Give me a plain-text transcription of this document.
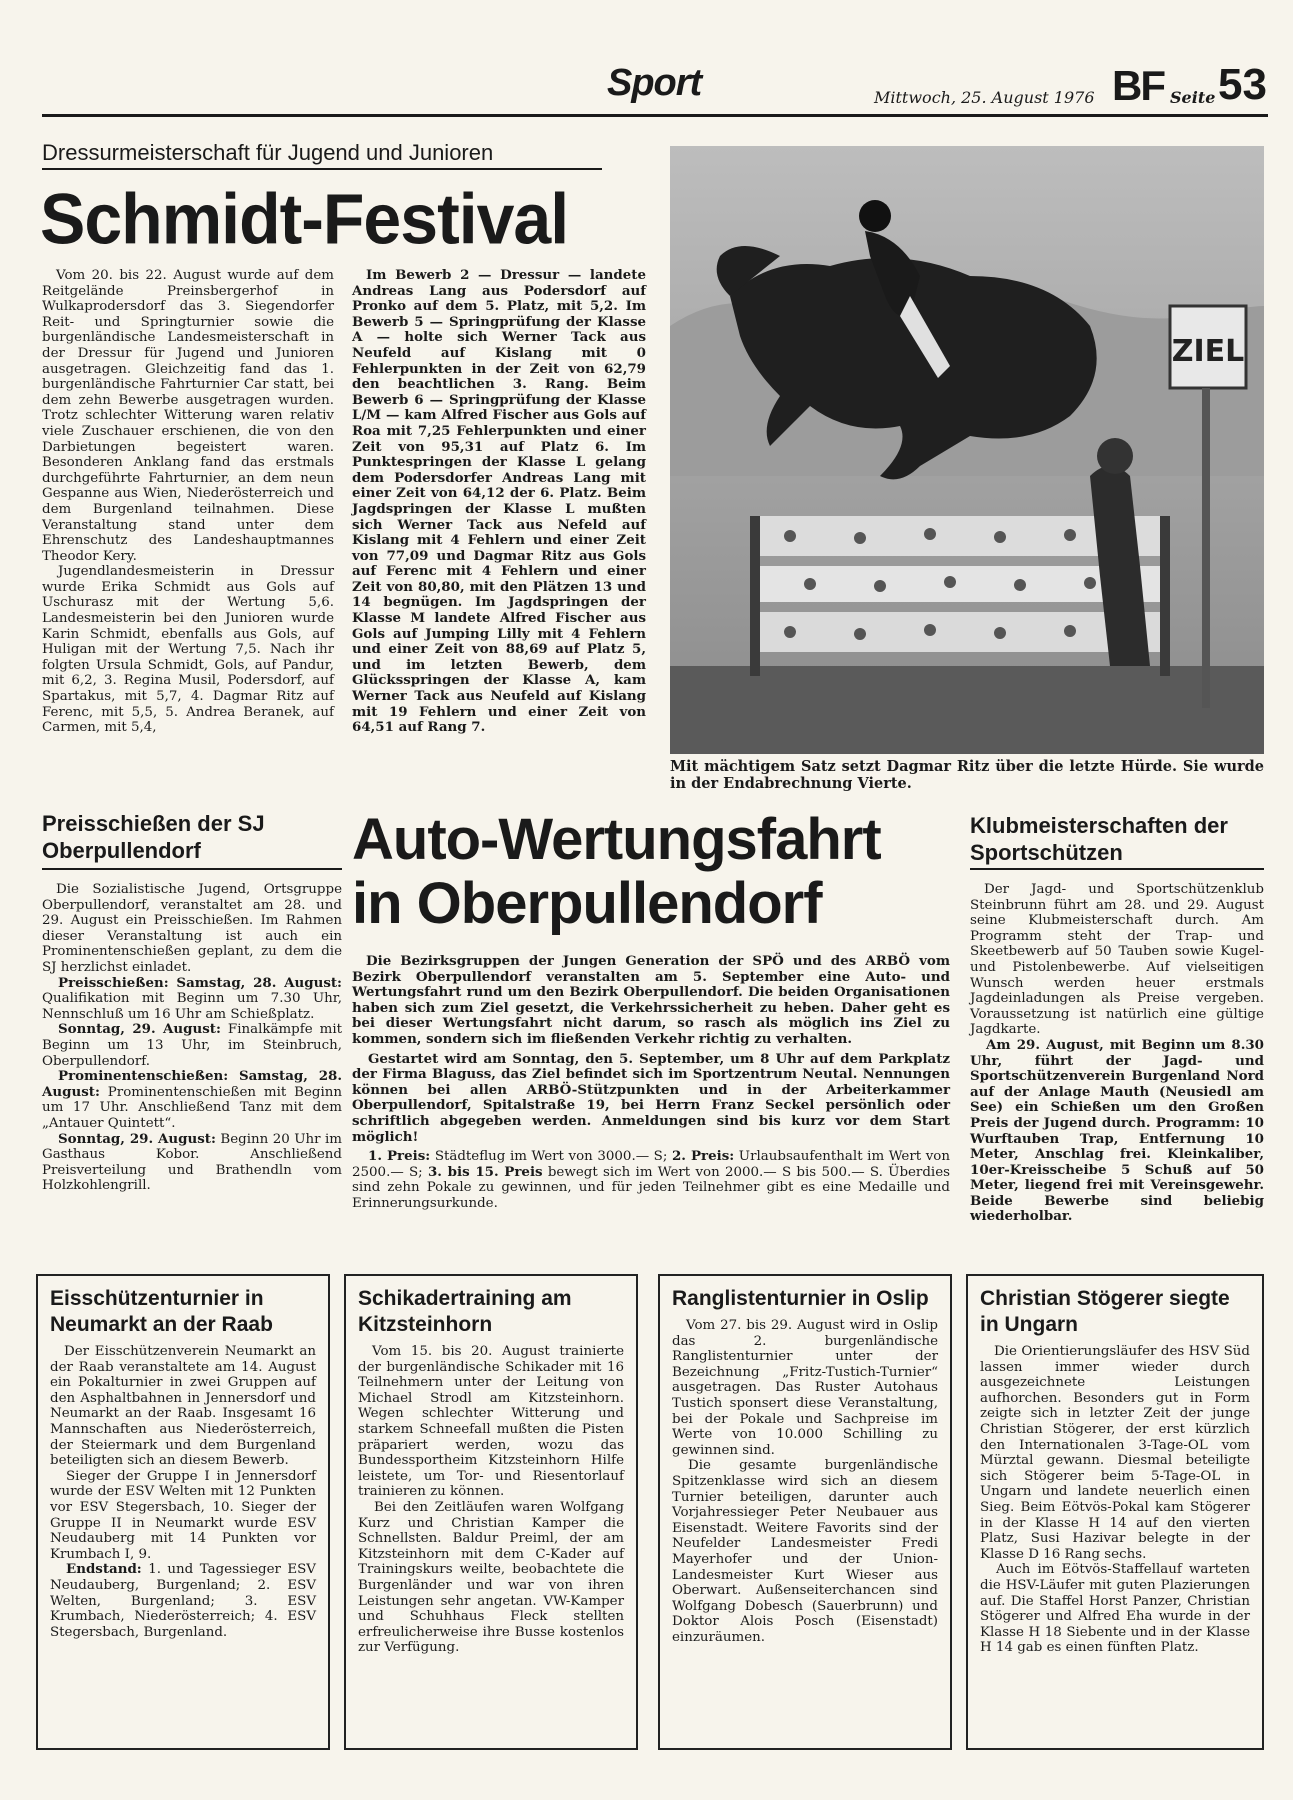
Sport	Mittwoch, 25. August 1976 BF Seite 53
Dressurmeisterschaft für Jugend und Junioren
Schmidt-Festival

Vom 20. bis 22. August wurde auf dem Reitgelände Preinsbergerhof in Wulkaprodersdorf das 3. Siegendorfer Reit- und Springturnier sowie die burgenländische Landesmeisterschaft in der Dressur für Jugend und Junioren ausgetragen. Gleichzeitig fand das 1. burgenländische Fahrturnier Car statt, bei dem zehn Bewerbe ausgetragen wurden. Trotz schlechter Witterung waren relativ viele Zuschauer erschienen, die von den Darbietungen begeistert waren. Besonderen Anklang fand das erstmals durchgeführte Fahrturnier, an dem neun Gespanne aus Wien, Niederösterreich und dem Burgenland teilnahmen. Diese Veranstaltung stand unter dem Ehrenschutz des Landeshauptmannes Theodor Kery.

Jugendlandesmeisterin in Dressur wurde Erika Schmidt aus Gols auf Uschurasz mit der Wertung 5,6. Landesmeisterin bei den Junioren wurde Karin Schmidt, ebenfalls aus Gols, auf Huligan mit der Wertung 7,5. Nach ihr folgten Ursula Schmidt, Gols, auf Pandur, mit 6,2, 3. Regina Musil, Podersdorf, auf Spartakus, mit 5,7, 4. Dagmar Ritz auf Ferenc, mit 5,5, 5. Andrea Beranek, auf Carmen, mit 5,4,

Im Bewerb 2 — Dressur — landete Andreas Lang aus Podersdorf auf Pronko auf dem 5. Platz, mit 5,2. Im Bewerb 5 — Springprüfung der Klasse A — holte sich Werner Tack aus Neufeld auf Kislang mit 0 Fehlerpunkten in der Zeit von 62,79 den beachtlichen 3. Rang. Beim Bewerb 6 — Springprüfung der Klasse L/M — kam Alfred Fischer aus Gols auf Roa mit 7,25 Fehlerpunkten und einer Zeit von 95,31 auf Platz 6. Im Punktespringen der Klasse L gelang dem Podersdorfer Andreas Lang mit einer Zeit von 64,12 der 6. Platz. Beim Jagdspringen der Klasse L mußten sich Werner Tack aus Nefeld auf Kislang mit 4 Fehlern und einer Zeit von 77,09 und Dagmar Ritz aus Gols auf Ferenc mit 4 Fehlern und einer Zeit von 80,80, mit den Plätzen 13 und 14 begnügen. Im Jagdspringen der Klasse M landete Alfred Fischer aus Gols auf Jumping Lilly mit 4 Fehlern und einer Zeit von 88,69 auf Platz 5, und im letzten Bewerb, dem Glücksspringen der Klasse A, kam Werner Tack aus Neufeld auf Kislang mit 19 Fehlern und einer Zeit von 64,51 auf Rang 7.

ZIEL
Mit mächtigem Satz setzt Dagmar Ritz über die letzte Hürde. Sie wurde in der Endabrechnung Vierte.
Preisschießen der SJ Oberpullendorf

Die Sozialistische Jugend, Ortsgruppe Oberpullendorf, veranstaltet am 28. und 29. August ein Preisschießen. Im Rahmen dieser Veranstaltung ist auch ein Prominentenschießen geplant, zu dem die SJ herzlichst einladet.

Preisschießen: Samstag, 28. August: Qualifikation mit Beginn um 7.30 Uhr, Nennschluß um 16 Uhr am Schießplatz.

Sonntag, 29. August: Finalkämpfe mit Beginn um 13 Uhr, im Steinbruch, Oberpullendorf.

Prominentenschießen: Samstag, 28. August: Prominentenschießen mit Beginn um 17 Uhr. Anschließend Tanz mit dem „Antauer Quintett“.

Sonntag, 29. August: Beginn 20 Uhr im Gasthaus Kobor. Anschließend Preisverteilung und Brathendln vom Holzkohlengrill.

Auto-Wertungsfahrt
in Oberpullendorf

Die Bezirksgruppen der Jungen Generation der SPÖ und des ARBÖ vom Bezirk Oberpullendorf veranstalten am 5. September eine Auto- und Wertungsfahrt rund um den Bezirk Oberpullendorf. Die beiden Organisationen haben sich zum Ziel gesetzt, die Verkehrssicherheit zu heben. Daher geht es bei dieser Wertungsfahrt nicht darum, so rasch als möglich ins Ziel zu kommen, sondern sich im fließenden Verkehr richtig zu verhalten.

Gestartet wird am Sonntag, den 5. September, um 8 Uhr auf dem Parkplatz der Firma Blaguss, das Ziel befindet sich im Sportzentrum Neutal. Nennungen können bei allen ARBÖ-Stützpunkten und in der Arbeiterkammer Oberpullendorf, Spitalstraße 19, bei Herrn Franz Seckel persönlich oder schriftlich abgegeben werden. Anmeldungen sind bis kurz vor dem Start möglich!

1. Preis: Städteflug im Wert von 3000.— S; 2. Preis: Urlaubsaufenthalt im Wert von 2500.— S; 3. bis 15. Preis bewegt sich im Wert von 2000.— S bis 500.— S. Überdies sind zehn Pokale zu gewinnen, und für jeden Teilnehmer gibt es eine Medaille und Erinnerungsurkunde.

Klubmeisterschaften der Sportschützen

Der Jagd- und Sportschützenklub Steinbrunn führt am 28. und 29. August seine Klubmeisterschaft durch. Am Programm steht der Trap- und Skeetbewerb auf 50 Tauben sowie Kugel- und Pistolenbewerbe. Auf vielseitigen Wunsch werden heuer erstmals Jagdeinladungen als Preise vergeben. Voraussetzung ist natürlich eine gültige Jagdkarte.

Am 29. August, mit Beginn um 8.30 Uhr, führt der Jagd- und Sportschützenverein Burgenland Nord auf der Anlage Mauth (Neusiedl am See) ein Schießen um den Großen Preis der Jugend durch. Programm: 10 Wurftauben Trap, Entfernung 10 Meter, Anschlag frei. Kleinkaliber, 10er-Kreisscheibe 5 Schuß auf 50 Meter, liegend frei mit Vereinsgewehr. Beide Bewerbe sind beliebig wiederholbar.

Eisschützenturnier in Neumarkt an der Raab

Der Eisschützenverein Neumarkt an der Raab veranstaltete am 14. August ein Pokalturnier in zwei Gruppen auf den Asphaltbahnen in Jennersdorf und Neumarkt an der Raab. Insgesamt 16 Mannschaften aus Niederösterreich, der Steiermark und dem Burgenland beteiligten sich an diesem Bewerb.

Sieger der Gruppe I in Jennersdorf wurde der ESV Welten mit 12 Punkten vor ESV Stegersbach, 10. Sieger der Gruppe II in Neumarkt wurde ESV Neudauberg mit 14 Punkten vor Krumbach I, 9.

Endstand: 1. und Tagessieger ESV Neudauberg, Burgenland; 2. ESV Welten, Burgenland; 3. ESV Krumbach, Niederösterreich; 4. ESV Stegersbach, Burgenland.

Schikadertraining am Kitzsteinhorn

Vom 15. bis 20. August trainierte der burgenländische Schikader mit 16 Teilnehmern unter der Leitung von Michael Strodl am Kitzsteinhorn. Wegen schlechter Witterung und starkem Schneefall mußten die Pisten präpariert werden, wozu das Bundessportheim Kitzsteinhorn Hilfe leistete, um Tor- und Riesentorlauf trainieren zu können.

Bei den Zeitläufen waren Wolfgang Kurz und Christian Kamper die Schnellsten. Baldur Preiml, der am Kitzsteinhorn mit dem C-Kader auf Trainingskurs weilte, beobachtete die Burgenländer und war von ihren Leistungen sehr angetan. VW-Kamper und Schuhhaus Fleck stellten erfreulicherweise ihre Busse kostenlos zur Verfügung.

Ranglistenturnier in Oslip

Vom 27. bis 29. August wird in Oslip das 2. burgenländische Ranglistenturnier unter der Bezeichnung „Fritz-Tustich-Turnier“ ausgetragen. Das Ruster Autohaus Tustich sponsert diese Veranstaltung, bei der Pokale und Sachpreise im Werte von 10.000 Schilling zu gewinnen sind.

Die gesamte burgenländische Spitzenklasse wird sich an diesem Turnier beteiligen, darunter auch Vorjahressieger Peter Neubauer aus Eisenstadt. Weitere Favorits sind der Neufelder Landesmeister Fredi Mayerhofer und der Union-Landesmeister Kurt Wieser aus Oberwart. Außenseiterchancen sind Wolfgang Dobesch (Sauerbrunn) und Doktor Alois Posch (Eisenstadt) einzuräumen.

Christian Stögerer siegte in Ungarn

Die Orientierungsläufer des HSV Süd lassen immer wieder durch ausgezeichnete Leistungen aufhorchen. Besonders gut in Form zeigte sich in letzter Zeit der junge Christian Stögerer, der erst kürzlich den Internationalen 3-Tage-OL vom Mürztal gewann. Diesmal beteiligte sich Stögerer beim 5-Tage-OL in Ungarn und landete neuerlich einen Sieg. Beim Eötvös-Pokal kam Stögerer in der Klasse H 14 auf den vierten Platz, Susi Hazivar belegte in der Klasse D 16 Rang sechs.

Auch im Eötvös-Staffellauf warteten die HSV-Läufer mit guten Plazierungen auf. Die Staffel Horst Panzer, Christian Stögerer und Alfred Eha wurde in der Klasse H 18 Siebente und in der Klasse H 14 gab es einen fünften Platz.
